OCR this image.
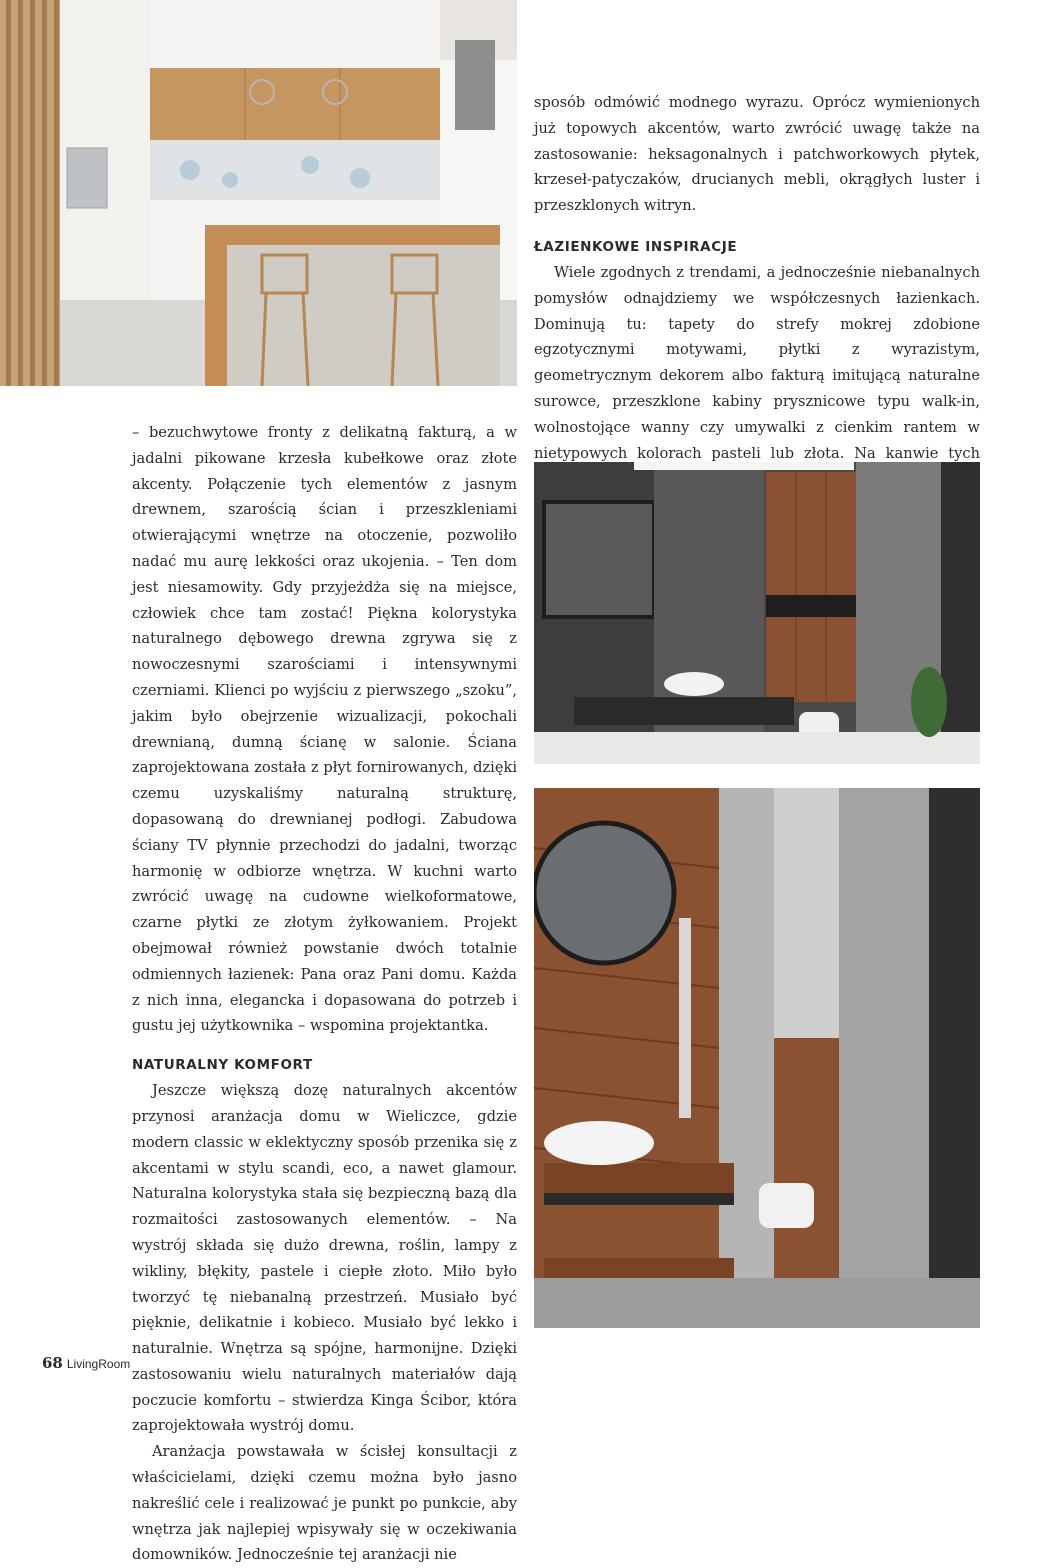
sposób odmówić modnego wyrazu. Oprócz wymienionych już topowych akcentów, warto zwrócić uwagę także na zastosowanie: heksagonalnych i patchworkowych płytek, krzeseł-patyczaków, drucianych mebli, okrągłych luster i przeszklonych witryn.

ŁAZIENKOWE INSPIRACJE

Wiele zgodnych z trendami, a jednocześnie niebanalnych pomysłów odnajdziemy we współczesnych łazienkach. Dominują tu: tapety do strefy mokrej zdobione egzotycznymi motywami, płytki z wyrazistym, geometrycznym dekorem albo fakturą imitującą naturalne surowce, przeszklone kabiny prysznicowe typu walk-in, wolnostojące wanny czy umywalki z cienkim rantem w nietypowych kolorach pasteli lub złota. Na kanwie tych

– bezuchwytowe fronty z delikatną fakturą, a w jadalni pikowane krzesła kubełkowe oraz złote akcenty. Połączenie tych elementów z jasnym drewnem, szarością ścian i przeszkleniami otwierającymi wnętrze na otoczenie, pozwoliło nadać mu aurę lekkości oraz ukojenia. – Ten dom jest niesamowity. Gdy przyjeżdża się na miejsce, człowiek chce tam zostać! Piękna kolorystyka naturalnego dębowego drewna zgrywa się z nowoczesnymi szarościami i intensywnymi czerniami. Klienci po wyjściu z pierwszego „szoku”, jakim było obejrzenie wizualizacji, pokochali drewnianą, dumną ścianę w salonie. Ściana zaprojektowana została z płyt fornirowanych, dzięki czemu uzyskaliśmy naturalną strukturę, dopasowaną do drewnianej podłogi. Zabudowa ściany TV płynnie przechodzi do jadalni, tworząc harmonię w odbiorze wnętrza. W kuchni warto zwrócić uwagę na cudowne wielkoformatowe, czarne płytki ze złotym żyłkowaniem. Projekt obejmował również powstanie dwóch totalnie odmiennych łazienek: Pana oraz Pani domu. Każda z nich inna, elegancka i dopasowana do potrzeb i gustu jej użytkownika – wspomina projektantka.

NATURALNY KOMFORT

Jeszcze większą dozę naturalnych akcentów przynosi aranżacja domu w Wieliczce, gdzie modern classic w eklektyczny sposób przenika się z akcentami w stylu scandi, eco, a nawet glamour. Naturalna kolorystyka stała się bezpieczną bazą dla rozmaitości zastosowanych elementów. – Na wystrój składa się dużo drewna, roślin, lampy z wikliny, błękity, pastele i ciepłe złoto. Miło było tworzyć tę niebanalną przestrzeń. Musiało być pięknie, delikatnie i kobieco. Musiało być lekko i naturalnie. Wnętrza są spójne, harmonijne. Dzięki zastosowaniu wielu naturalnych materiałów dają poczucie komfortu – stwierdza Kinga Ścibor, która zaprojektowała wystrój domu.

Aranżacja powstawała w ścisłej konsultacji z właścicielami, dzięki czemu można było jasno nakreślić cele i realizować je punkt po punkcie, aby wnętrza jak najlepiej wpisywały się w oczekiwania domowników. Jednocześnie tej aranżacji nie

68 LivingRoom
